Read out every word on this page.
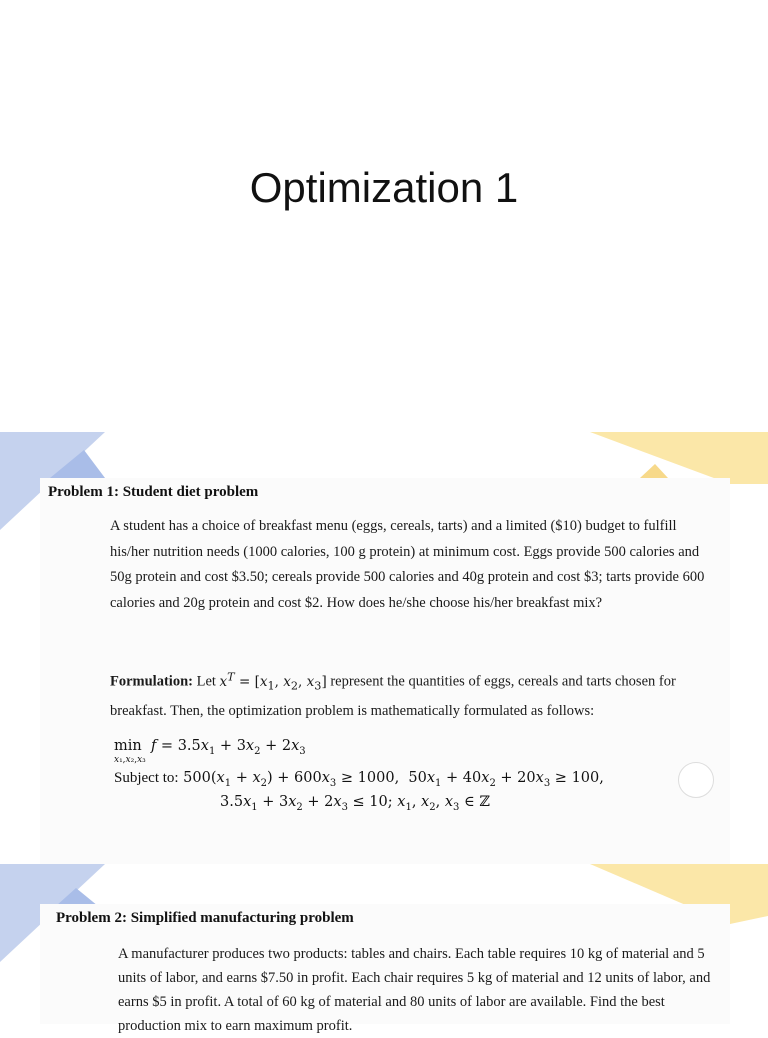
Optimization 1
Problem 1: Student diet problem

A student has a choice of breakfast menu (eggs, cereals, tarts) and a limited ($10) budget to fulfill his/her nutrition needs (1000 calories, 100 g protein) at minimum cost. Eggs provide 500 calories and 50g protein and cost $3.50; cereals provide 500 calories and 40g protein and cost $3; tarts provide 600 calories and 20g protein and cost $2. How does he/she choose his/her breakfast mix?

Formulation: Let $x^T = [x_1$, $x_2$, $x_3$] represent the quantities of eggs, cereals and tarts chosen for breakfast. Then, the optimization problem is mathematically formulated as follows:

$\min f = 3.5x_1 + 3x_2 + 2x_3$
x₁,x₂,x₃
Subject to: $500(x_1 + x_2) + 600x_3 \ge 1000$,  $50x_1 + 40x_2 + 20x_3 \ge 100$,
$3.5x_1 + 3x_2 + 2x_3 \le 10$; $x_1$, $x_2$, $x_3$ ∈ ℤ
Problem 2: Simplified manufacturing problem

A manufacturer produces two products: tables and chairs. Each table requires 10 kg of material and 5 units of labor, and earns $7.50 in profit. Each chair requires 5 kg of material and 12 units of labor, and earns $5 in profit. A total of 60 kg of material and 80 units of labor are available. Find the best production mix to earn maximum profit.
